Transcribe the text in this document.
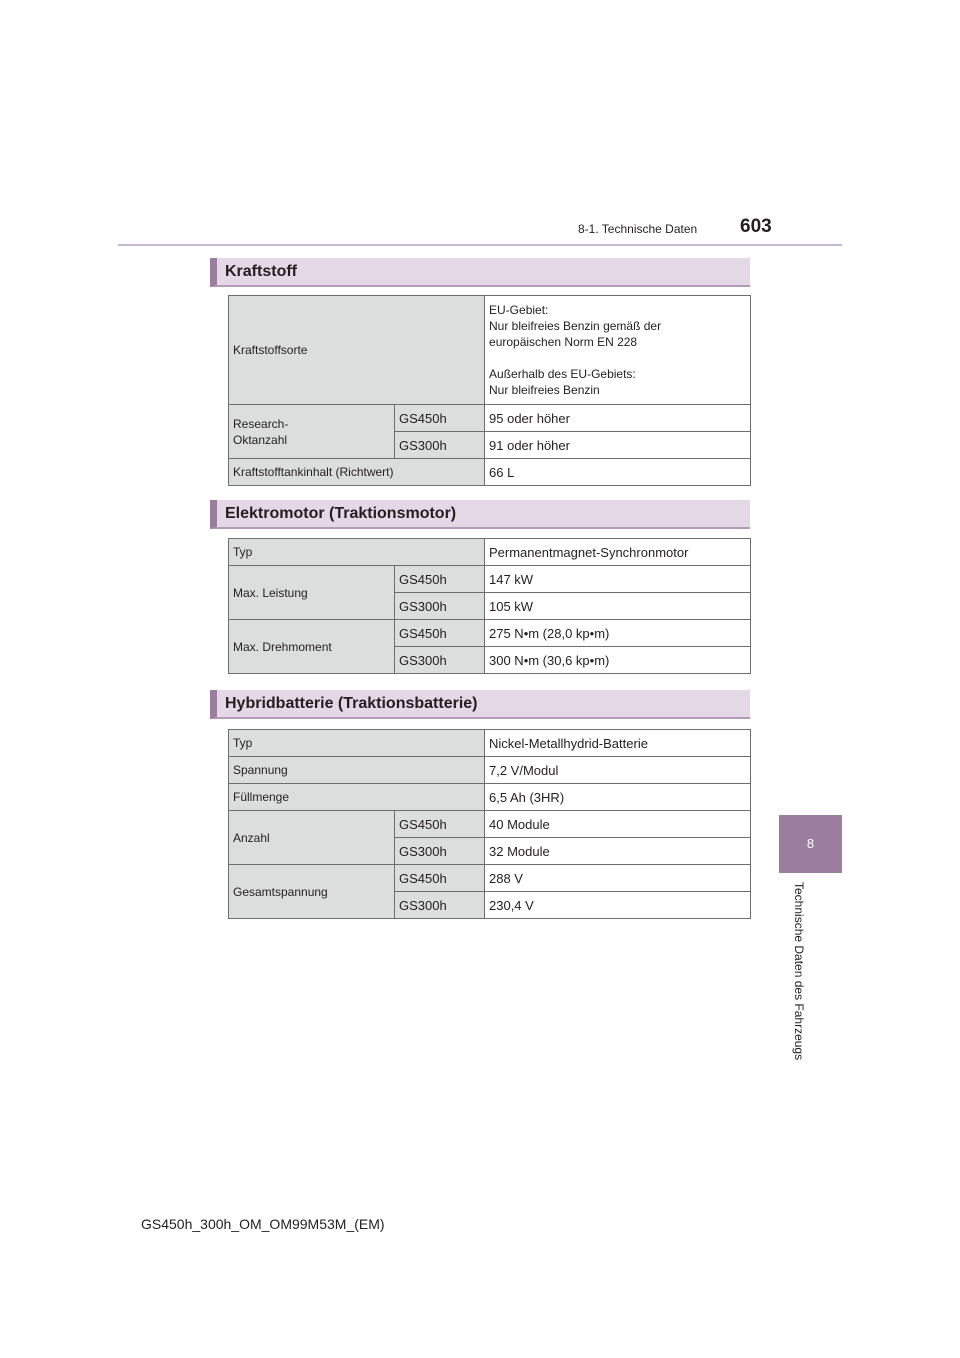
8-1. Technische Daten 603
8
Technische Daten des Fahrzeugs
Kraftstoff
Kraftstoffsorte		EU-Gebiet:
Nur bleifreies Benzin gemäß der
europäischen Norm EN 228

Außerhalb des EU-Gebiets:
Nur bleifreies Benzin
Research-
Oktanzahl	GS450h	95 oder höher
	GS300h	91 oder höher
Kraftstofftankinhalt (Richtwert)		66 L
Elektromotor (Traktionsmotor)
Typ		Permanentmagnet-Synchronmotor
Max. Leistung	GS450h	147 kW
	GS300h	105 kW
Max. Drehmoment	GS450h	275 N•m (28,0 kp•m)
	GS300h	300 N•m (30,6 kp•m)
Hybridbatterie (Traktionsbatterie)
Typ		Nickel-Metallhydrid-Batterie
Spannung		7,2 V/Modul
Füllmenge		6,5 Ah (3HR)
Anzahl	GS450h	40 Module
	GS300h	32 Module
Gesamtspannung	GS450h	288 V
	GS300h	230,4 V
GS450h_300h_OM_OM99M53M_(EM)
